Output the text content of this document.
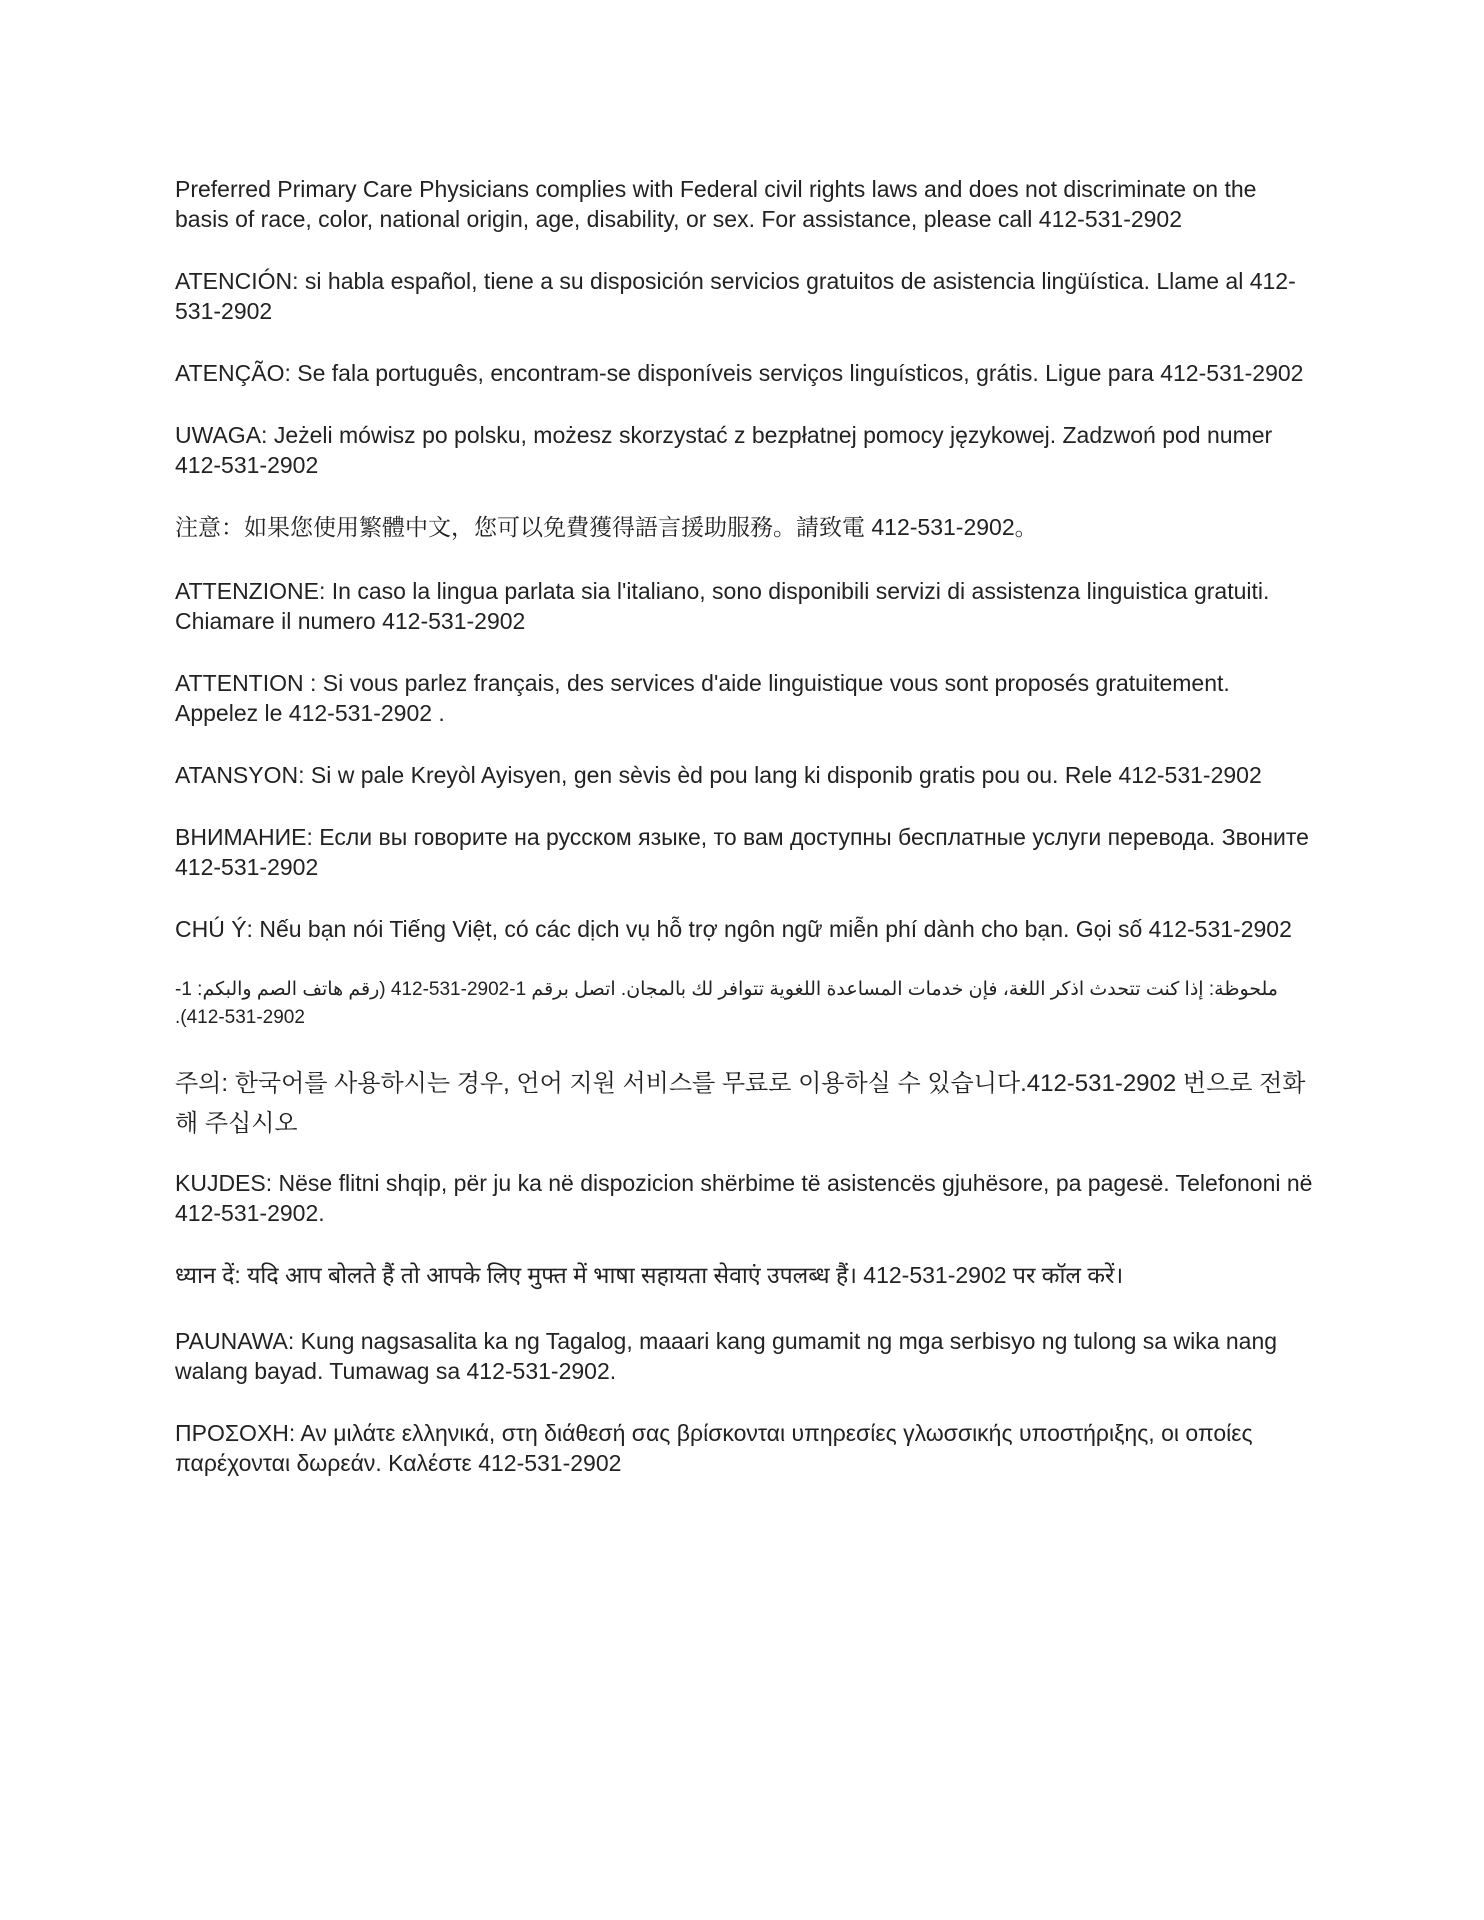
Preferred Primary Care Physicians complies with Federal civil rights laws and does not discriminate on the basis of race, color, national origin, age, disability, or sex. For assistance, please call 412-531-2902

ATENCIÓN: si habla español, tiene a su disposición servicios gratuitos de asistencia lingüística. Llame al 412-531-2902

ATENÇÃO: Se fala português, encontram-se disponíveis serviços linguísticos, grátis. Ligue para 412-531-2902

UWAGA: Jeżeli mówisz po polsku, możesz skorzystać z bezpłatnej pomocy językowej. Zadzwoń pod numer 412-531-2902

注意：如果您使用繁體中文，您可以免費獲得語言援助服務。請致電 412-531-2902。

ATTENZIONE: In caso la lingua parlata sia l'italiano, sono disponibili servizi di assistenza linguistica gratuiti. Chiamare il numero 412-531-2902

ATTENTION : Si vous parlez français, des services d'aide linguistique vous sont proposés gratuitement. Appelez le 412-531-2902 .

ATANSYON: Si w pale Kreyòl Ayisyen, gen sèvis èd pou lang ki disponib gratis pou ou. Rele 412-531-2902

ВНИМАНИЕ: Если вы говорите на русском языке, то вам доступны бесплатные услуги перевода. Звоните 412-531-2902

CHÚ Ý: Nếu bạn nói Tiếng Việt, có các dịch vụ hỗ trợ ngôn ngữ miễn phí dành cho bạn. Gọi số 412-531-2902

ملحوظة: إذا كنت تتحدث اذكر اللغة، فإن خدمات المساعدة اللغوية تتوافر لك بالمجان. اتصل برقم 1-2902-531-412 (رقم هاتف الصم والبكم: 1-2902-531-412).

주의: 한국어를 사용하시는 경우, 언어 지원 서비스를 무료로 이용하실 수 있습니다.412-531-2902 번으로 전화해 주십시오

KUJDES: Nëse flitni shqip, për ju ka në dispozicion shërbime të asistencës gjuhësore, pa pagesë. Telefononi në 412-531-2902.

ध्यान दें: यदि आप बोलते हैं तो आपके लिए मुफ्त में भाषा सहायता सेवाएं उपलब्ध हैं। 412-531-2902 पर कॉल करें।

PAUNAWA: Kung nagsasalita ka ng Tagalog, maaari kang gumamit ng mga serbisyo ng tulong sa wika nang walang bayad. Tumawag sa 412-531-2902.

ΠΡΟΣΟΧΗ: Αν μιλάτε ελληνικά, στη διάθεσή σας βρίσκονται υπηρεσίες γλωσσικής υποστήριξης, οι οποίες παρέχονται δωρεάν. Καλέστε 412-531-2902
